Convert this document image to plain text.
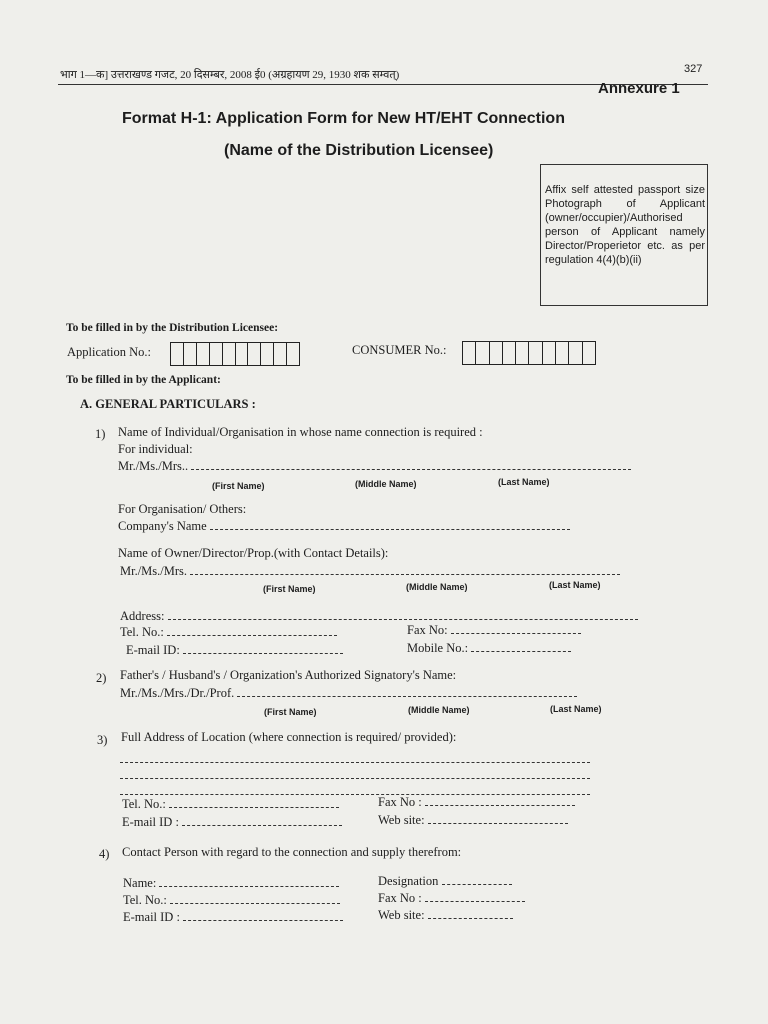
भाग 1—क] उत्तराखण्ड गजट, 20 दिसम्बर, 2008 ई0 (अग्रहायण 29, 1930 शक सम्वत्)	327
Annexure 1
Format H-1: Application Form for New HT/EHT Connection
(Name of the Distribution Licensee)

Affix self attested passport size Photograph of Applicant (owner/occupier)/Authorised person of Applicant namely Director/Properietor etc. as per regulation 4(4)(b)(ii)

To be filled in by the Distribution Licensee:
Application No.:	CONSUMER No.:
To be filled in by the Applicant:
A. GENERAL PARTICULARS :
1) Name of Individual/Organisation in whose name connection is required :
For individual:
Mr./Ms./Mrs..
(First Name)	(Middle Name)	(Last Name)
For Organisation/ Others:
Company's Name
Name of Owner/Director/Prop.(with Contact Details):
Mr./Ms./Mrs.
(First Name)	(Middle Name)	(Last Name)
Address:
Tel. No.:	Fax No:
E-mail ID:	Mobile No.:
2) Father's / Husband's / Organization's Authorized Signatory's Name:
Mr./Ms./Mrs./Dr./Prof.
(First Name)	(Middle Name)	(Last Name)
3) Full Address of Location (where connection is required/ provided):
Tel. No.:	Fax No :
E-mail ID :	Web site:
4) Contact Person with regard to the connection and supply therefrom:
Name:	Designation
Tel. No.:	Fax No :
E-mail ID :	Web site:
